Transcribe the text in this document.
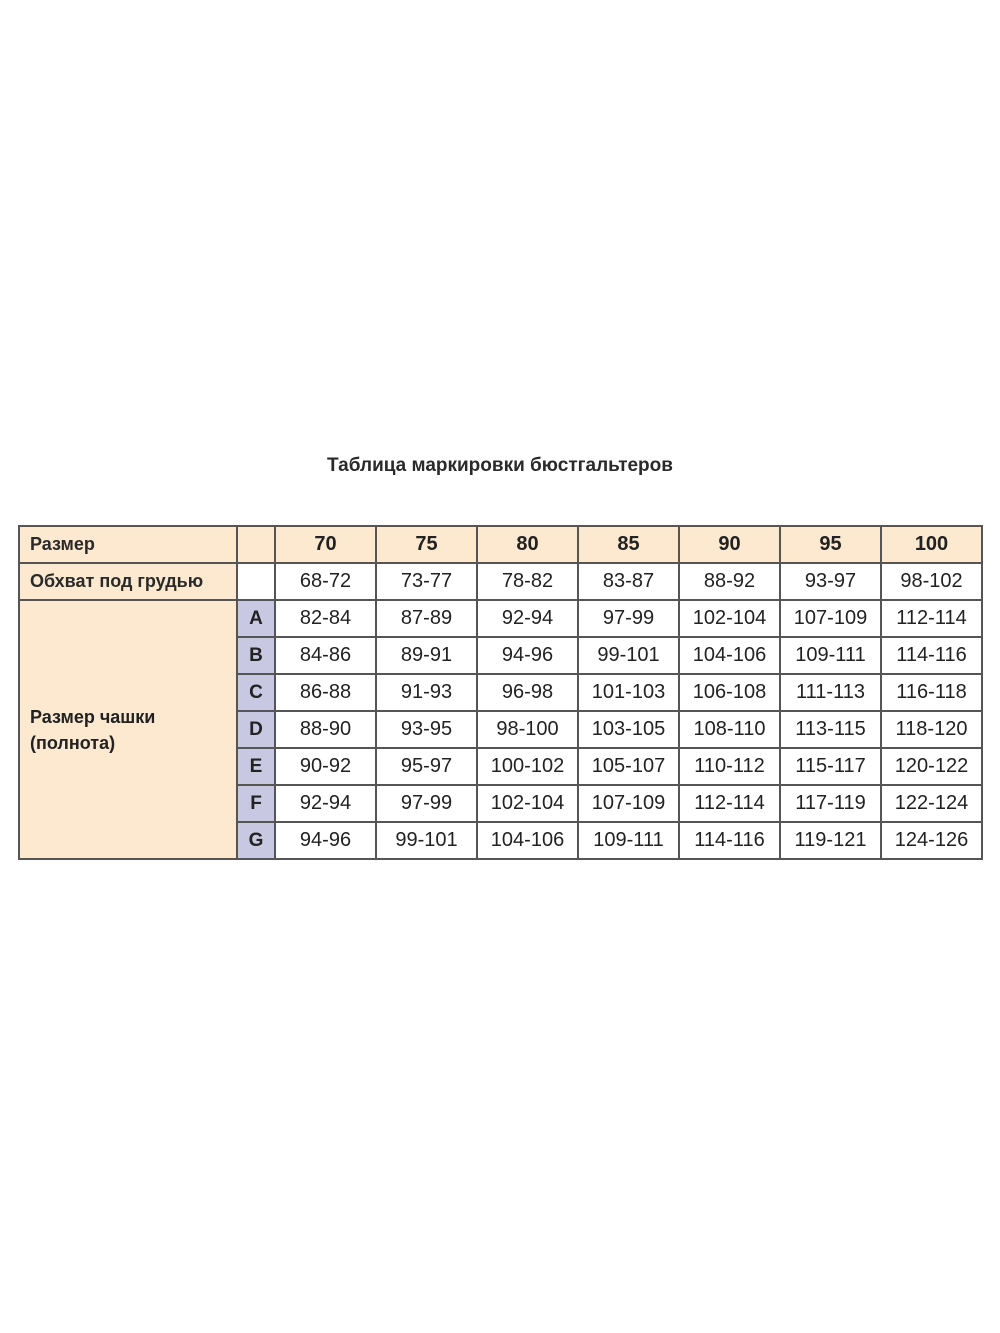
Таблица маркировки бюстгальтеров
Размер		70	75	80	85	90	95	100
Обхват под грудью		68-72	73-77	78-82	83-87	88-92	93-97	98-102

Размер чашки
(полнота)	A	82-84	87-89	92-94	97-99	102-104	107-109	112-114
	B	84-86	89-91	94-96	99-101	104-106	109-111	114-116
	C	86-88	91-93	96-98	101-103	106-108	111-113	116-118
	D	88-90	93-95	98-100	103-105	108-110	113-115	118-120
	E	90-92	95-97	100-102	105-107	110-112	115-117	120-122
	F	92-94	97-99	102-104	107-109	112-114	117-119	122-124
	G	94-96	99-101	104-106	109-111	114-116	119-121	124-126
